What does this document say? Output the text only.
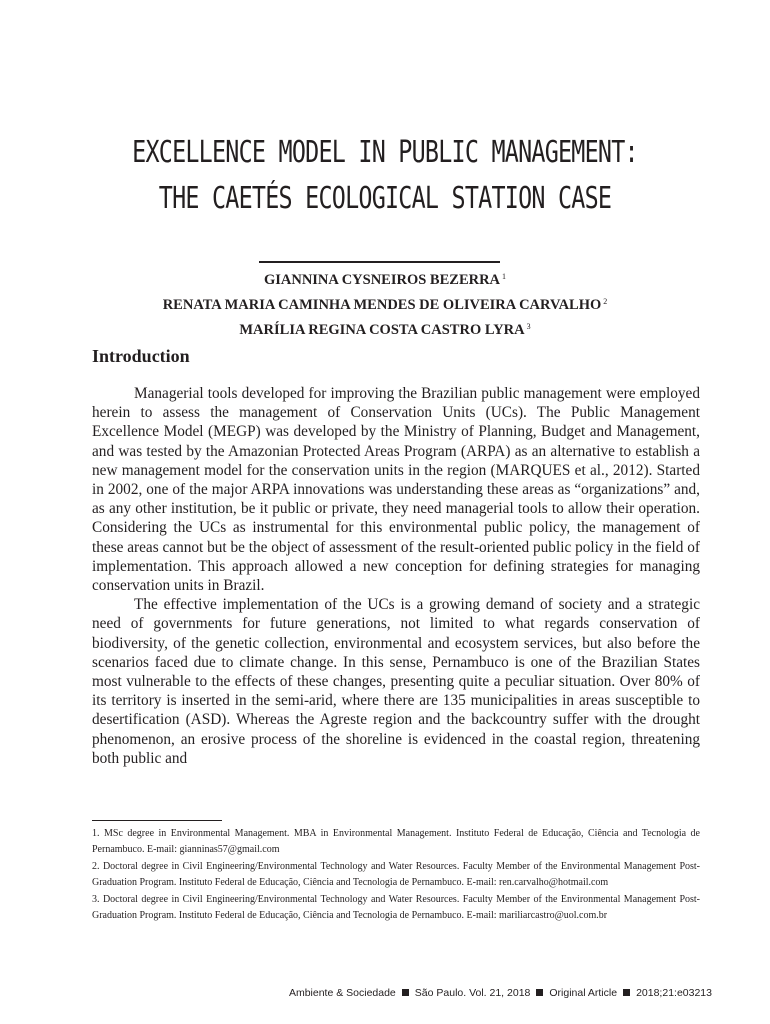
EXCELLENCE MODEL IN PUBLIC MANAGEMENT:
THE CAETÉS ECOLOGICAL STATION CASE
GIANNINA CYSNEIROS BEZERRA $^1$
RENATA MARIA CAMINHA MENDES DE OLIVEIRA CARVALHO $^2$
MARÍLIA REGINA COSTA CASTRO LYRA $^3$
Introduction

Managerial tools developed for improving the Brazilian public management were employed herein to assess the management of Conservation Units (UCs). The Public Management Excellence Model (MEGP) was developed by the Ministry of Planning, Budget and Management, and was tested by the Amazonian Protected Areas Program (ARPA) as an alternative to establish a new management model for the conservation units in the region (MARQUES et al., 2012). Started in 2002, one of the major ARPA innovations was understanding these areas as “organizations” and, as any other institution, be it public or private, they need managerial tools to allow their operation. Considering the UCs as instrumental for this environmental public policy, the management of these areas cannot but be the object of assessment of the result-oriented public policy in the field of implementation. This approach allowed a new conception for defining strategies for managing conservation units in Brazil.

The effective implementation of the UCs is a growing demand of society and a strategic need of governments for future generations, not limited to what regards conservation of biodiversity, of the genetic collection, environmental and ecosystem services, but also before the scenarios faced due to climate change. In this sense, Pernambuco is one of the Brazilian States most vulnerable to the effects of these changes, presenting quite a peculiar situation. Over 80% of its territory is inserted in the semi-arid, where there are 135 municipalities in areas susceptible to desertification (ASD). Whereas the Agreste region and the backcountry suffer with the drought phenomenon, an erosive process of the shoreline is evidenced in the coastal region, threatening both public and

1. MSc degree in Environmental Management. MBA in Environmental Management. Instituto Federal de Educação, Ciência and Tecnologia de Pernambuco. E-mail: gianninas57@gmail.com

2. Doctoral degree in Civil Engineering/Environmental Technology and Water Resources. Faculty Member of the Environmental Management Post-Graduation Program. Instituto Federal de Educação, Ciência and Tecnologia de Pernambuco. E-mail: ren.carvalho@hotmail.com

3. Doctoral degree in Civil Engineering/Environmental Technology and Water Resources. Faculty Member of the Environmental Management Post-Graduation Program. Instituto Federal de Educação, Ciência and Tecnologia de Pernambuco. E-mail: mariliarcastro@uol.com.br

Ambiente & Sociedade São Paulo. Vol. 21, 2018 Original Article 2018;21:e03213
